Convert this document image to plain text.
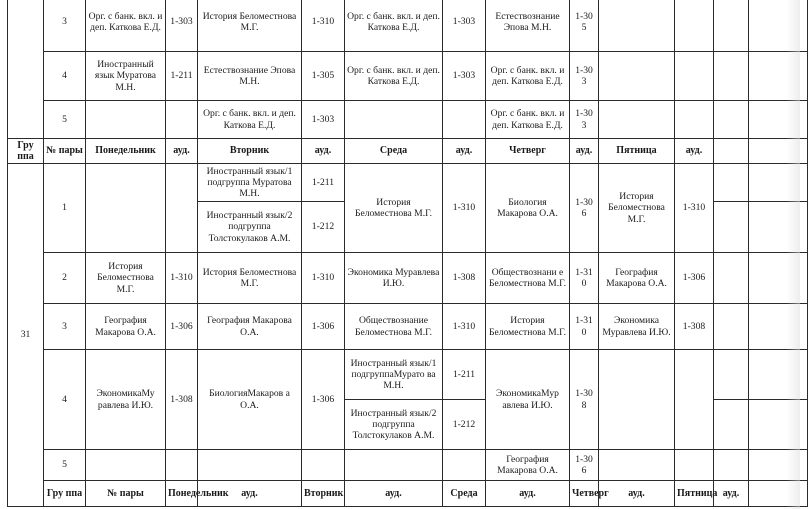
	3	Орг. с банк. вкл. и деп. Каткова Е.Д.	1-303	История Беломестнова М.Г.	1-310	Орг. с банк. вкл. и деп. Каткова Е.Д.	1-303	Естествознание Эпова М.Н.	1-30 5					
	4	Иностранный язык Муратова М.Н.	1-211	Естествознание Эпова М.Н.	1-305	Орг. с банк. вкл. и деп. Каткова Е.Д.	1-303	Орг. с банк. вкл. и деп. Каткова Е.Д.	1-30 3					
	5			Орг. с банк. вкл. и деп. Каткова Е.Д.	1-303			Орг. с банк. вкл. и деп. Каткова Е.Д.	1-30 3					
Гру ппа	№ пары	Понедельник	ауд.	Вторник	ауд.	Среда	ауд.	Четверг	ауд.	Пятница	ауд.			
31	1			Иностранный язык/1 подгруппа Муратова М.Н.	1-211	История Беломестнова М.Г.	1-310	Биология Макарова О.А.	1-30 6	История Беломестнова М.Г.	1-310			
				Иностранный язык/2 подгруппа Толстокулаков А.М.	1-212									
	2	История Беломестнова М.Г.	1-310	История Беломестнова М.Г.	1-310	Экономика Муравлева И.Ю.	1-308	Обществознани е Беломестнова М.Г.	1-31 0	География Макарова О.А.	1-306			
	3	География Макарова О.А.	1-306	География Макарова О.А.	1-306	Обществознание Беломестнова М.Г.	1-310	История Беломестнова М.Г.	1-31 0	Экономика Муравлева И.Ю.	1-308			
	4	ЭкономикаМу равлева И.Ю.	1-308	БиологияМакаров а О.А.	1-306	Иностранный язык/1 подгруппаМурато ва М.Н.	1-211	ЭкономикаМур авлева И.Ю.	1-30 8					
						Иностранный язык/2 подгруппа Толстокулаков А.М.	1-212							
	5							География Макарова О.А.	1-30 6					
	Гру ппа	№ пары	Понедельник	ауд.	Вторник	ауд.	Среда	ауд.	Четверг	ауд.	Пятница	ауд.		
